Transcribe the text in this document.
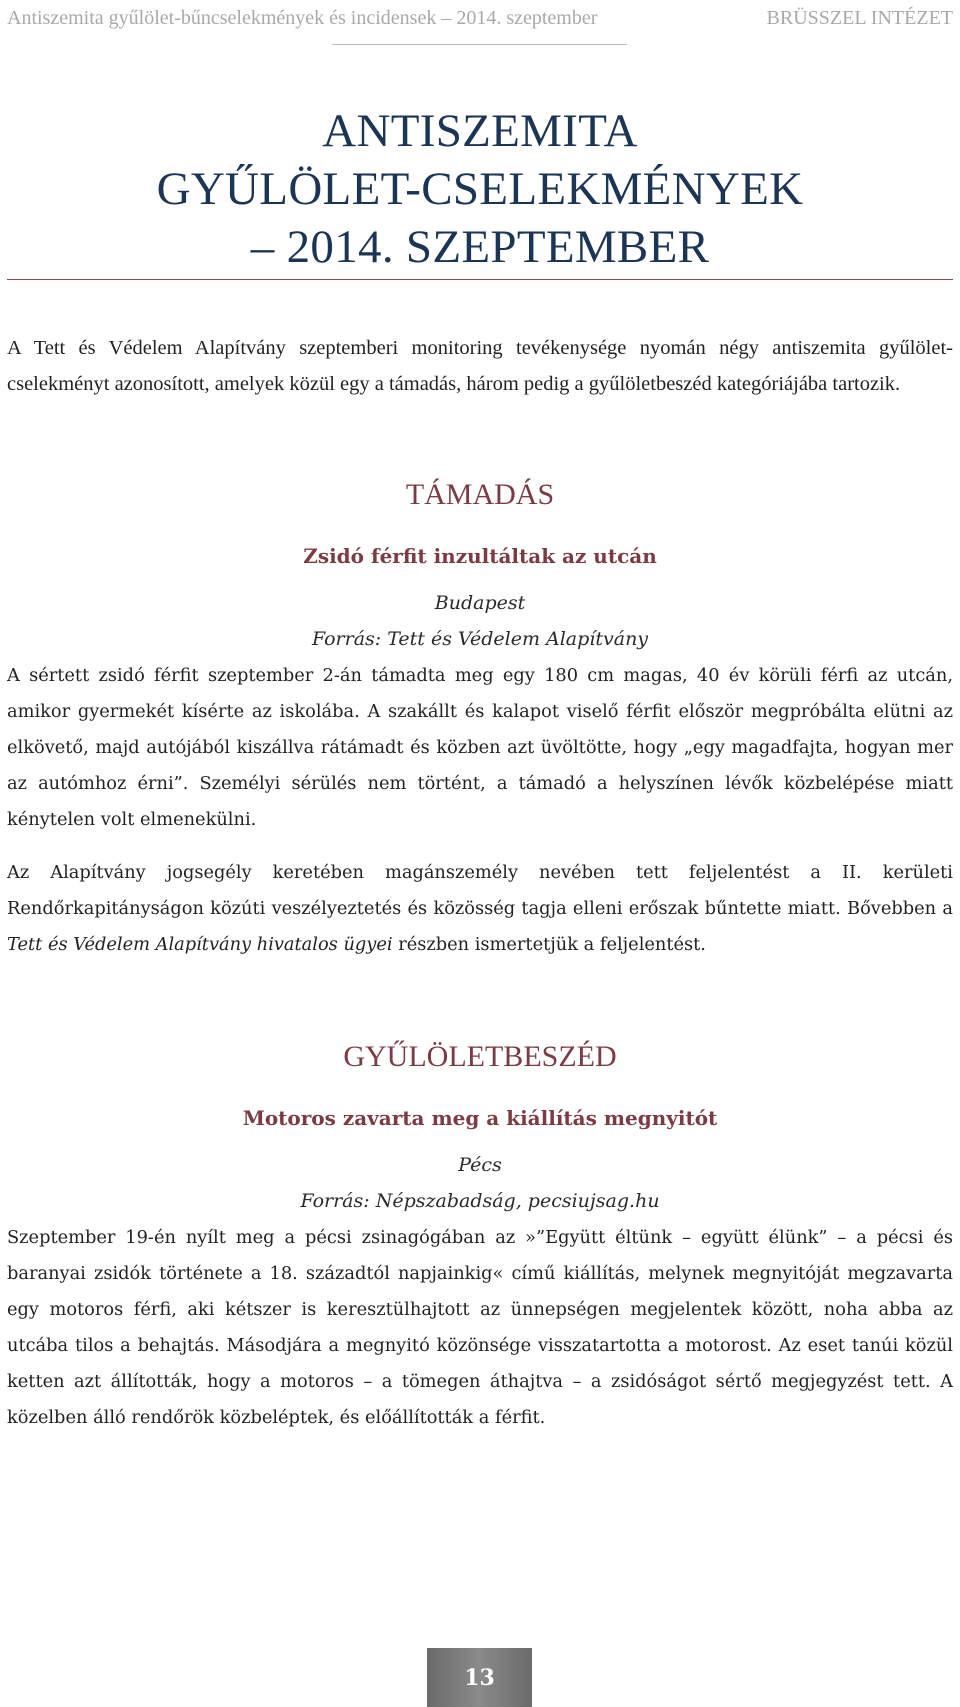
Antiszemita gyűlölet-bűncselekmények és incidensek – 2014. szeptember	BRÜSSZEL INTÉZET
ANTISZEMITA
GYŰLÖLET-CSELEKMÉNYEK
– 2014. SZEPTEMBER

A Tett és Védelem Alapítvány szeptemberi monitoring tevékenysége nyomán négy antiszemita gyűlölet-cselekményt azonosított, amelyek közül egy a támadás, három pedig a gyűlöletbeszéd kategóriájába tartozik.

TÁMADÁS
Zsidó férfit inzultáltak az utcán

Budapest

Forrás: Tett és Védelem Alapítvány

A sértett zsidó férfit szeptember 2-án támadta meg egy 180 cm magas, 40 év körüli férfi az utcán, amikor gyermekét kísérte az iskolába. A szakállt és kalapot viselő férfit először megpróbálta elütni az elkövető, majd autójából kiszállva rátámadt és közben azt üvöltötte, hogy „egy magadfajta, hogyan mer az autómhoz érni”. Személyi sérülés nem történt, a támadó a helyszínen lévők közbelépése miatt kénytelen volt elmenekülni.

Az Alapítvány jogsegély keretében magánszemély nevében tett feljelentést a II. kerületi Rendőrkapitányságon közúti veszélyeztetés és közösség tagja elleni erőszak bűntette miatt. Bővebben a Tett és Védelem Alapítvány hivatalos ügyei részben ismertetjük a feljelentést.

GYŰLÖLETBESZÉD
Motoros zavarta meg a kiállítás megnyitót

Pécs

Forrás: Népszabadság, pecsiujsag.hu

Szeptember 19-én nyílt meg a pécsi zsinagógában az »”Együtt éltünk – együtt élünk” – a pécsi és baranyai zsidók története a 18. századtól napjainkig« című kiállítás, melynek megnyitóját megzavarta egy motoros férfi, aki kétszer is keresztülhajtott az ünnepségen megjelentek között, noha abba az utcába tilos a behajtás. Másodjára a megnyitó közönsége visszatartotta a motorost. Az eset tanúi közül ketten azt állították, hogy a motoros – a tömegen áthajtva – a zsidóságot sértő megjegyzést tett. A közelben álló rendőrök közbeléptek, és előállították a férfit.

13
